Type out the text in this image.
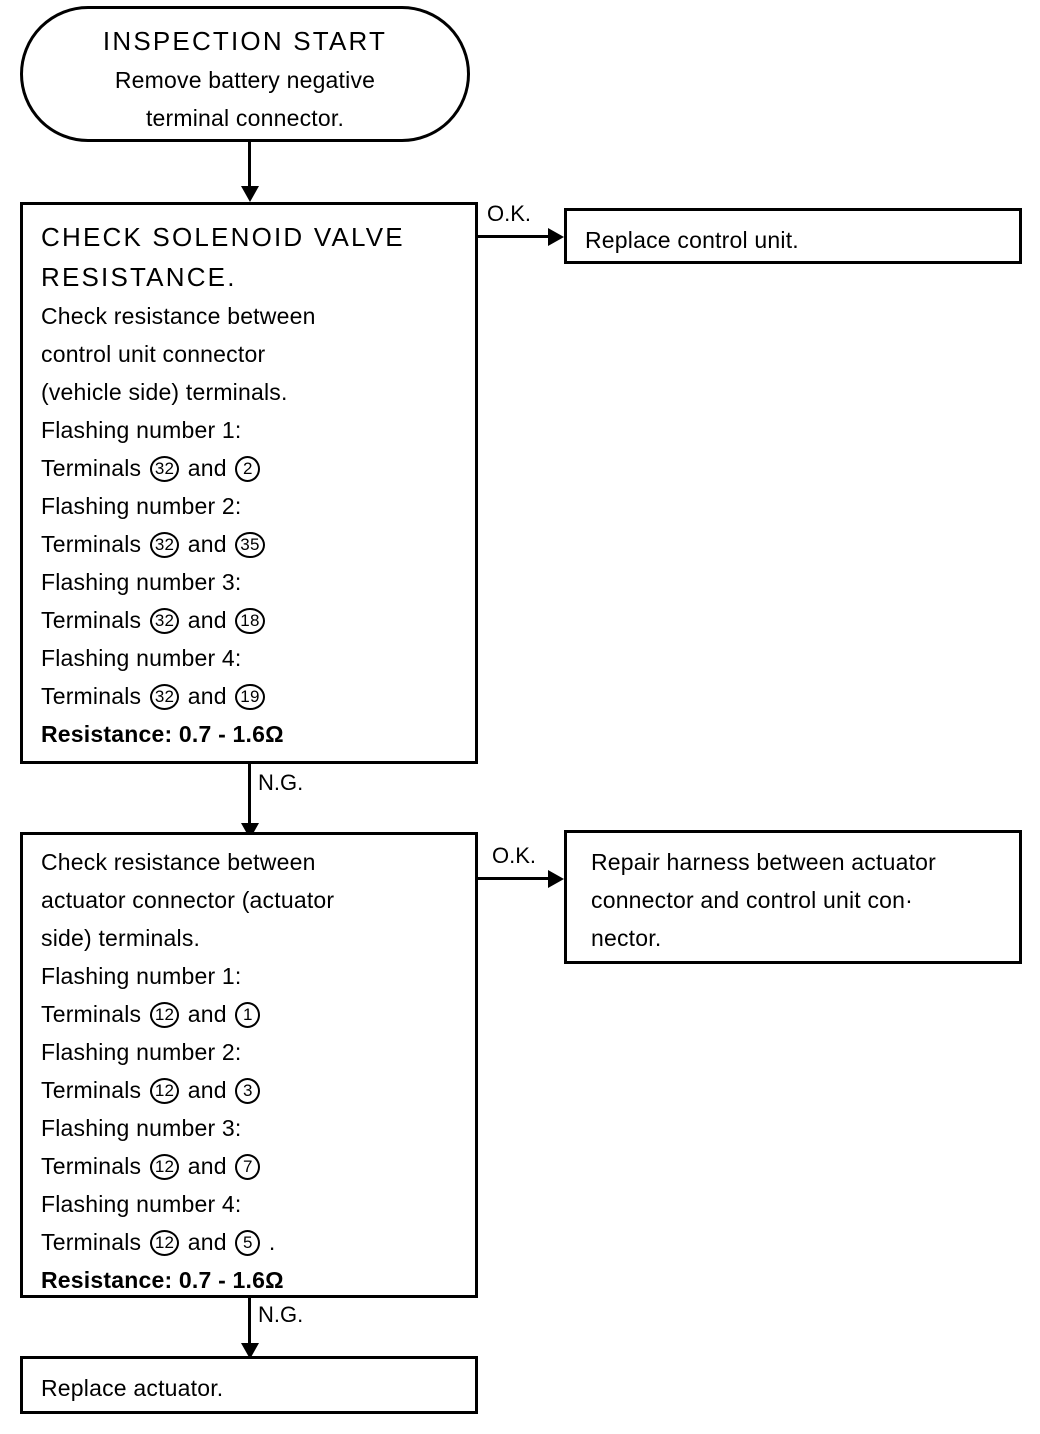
INSPECTION START
Remove battery negative
terminal connector.
CHECK SOLENOID VALVE
RESISTANCE.
Check resistance between
control unit connector
(vehicle side) terminals.
Flashing number 1:
Terminals 32 and 2
Flashing number 2:
Terminals 32 and 35
Flashing number 3:
Terminals 32 and 18
Flashing number 4:
Terminals 32 and 19
Resistance: 0.7 - 1.6Ω
O.K.
Replace control unit.
N.G.
Check resistance between
actuator connector (actuator
side) terminals.
Flashing number 1:
Terminals 12 and 1
Flashing number 2:
Terminals 12 and 3
Flashing number 3:
Terminals 12 and 7
Flashing number 4:
Terminals 12 and 5 .
Resistance: 0.7 - 1.6Ω
O.K. Repair harness between actuator
connector and control unit con·
nector.
N.G.
Replace actuator.
